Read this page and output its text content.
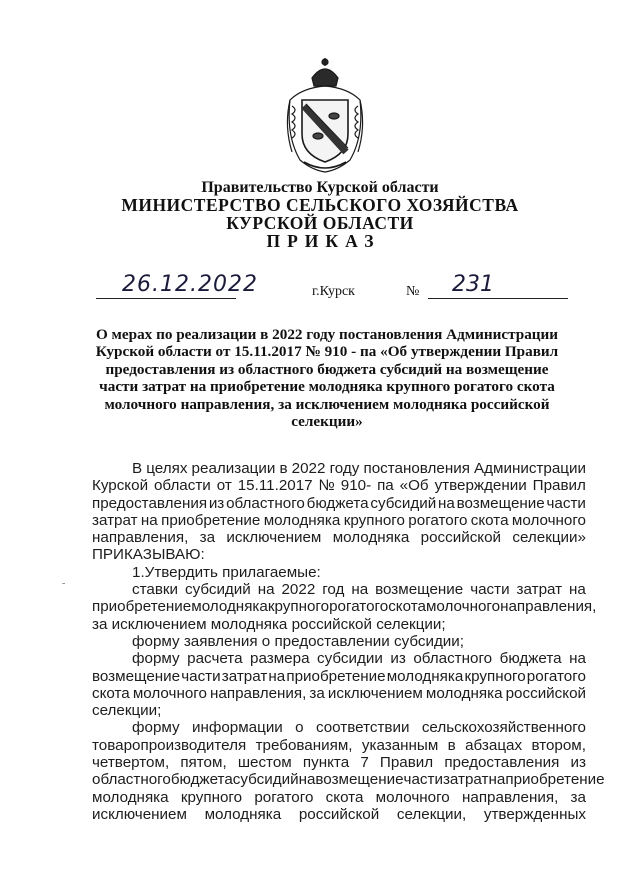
Правительство Курской области
МИНИСТЕРСТВО СЕЛЬСКОГО ХОЗЯЙСТВА
КУРСКОЙ ОБЛАСТИ
ПРИКАЗ
26.12.2022	г.Курск	№ 231
О мерах по реализации в 2022 году постановления Администрации
Курской области от 15.11.2017 № 910 - па «Об утверждении Правил
предоставления из областного бюджета субсидий на возмещение
части затрат на приобретение молодняка крупного рогатого скота
молочного направления, за исключением молодняка российской
селекции»
-
В целях реализации в 2022 году постановления Администрации
Курской области от 15.11.2017 № 910- па «Об утверждении Правил
предоставления из областного бюджета субсидий на возмещение части
затрат на приобретение молодняка крупного рогатого скота молочного
направления, за исключением молодняка российской селекции»
ПРИКАЗЫВАЮ:
1.Утвердить прилагаемые:
ставки субсидий на 2022 год на возмещение части затрат на
приобретение молодняка крупного рогатого скота молочного направления,
за исключением молодняка российской селекции;
форму заявления о предоставлении субсидии;
форму расчета размера субсидии из областного бюджета на
возмещение части затрат на приобретение молодняка крупного рогатого
скота молочного направления, за исключением молодняка российской
селекции;
форму информации о соответствии сельскохозяйственного
товаропроизводителя требованиям, указанным в абзацах втором,
четвертом, пятом, шестом пункта 7 Правил предоставления из
областного бюджета субсидий на возмещение части затрат на приобретение
молодняка крупного рогатого скота молочного направления, за
исключением молодняка российской селекции, утвержденных
